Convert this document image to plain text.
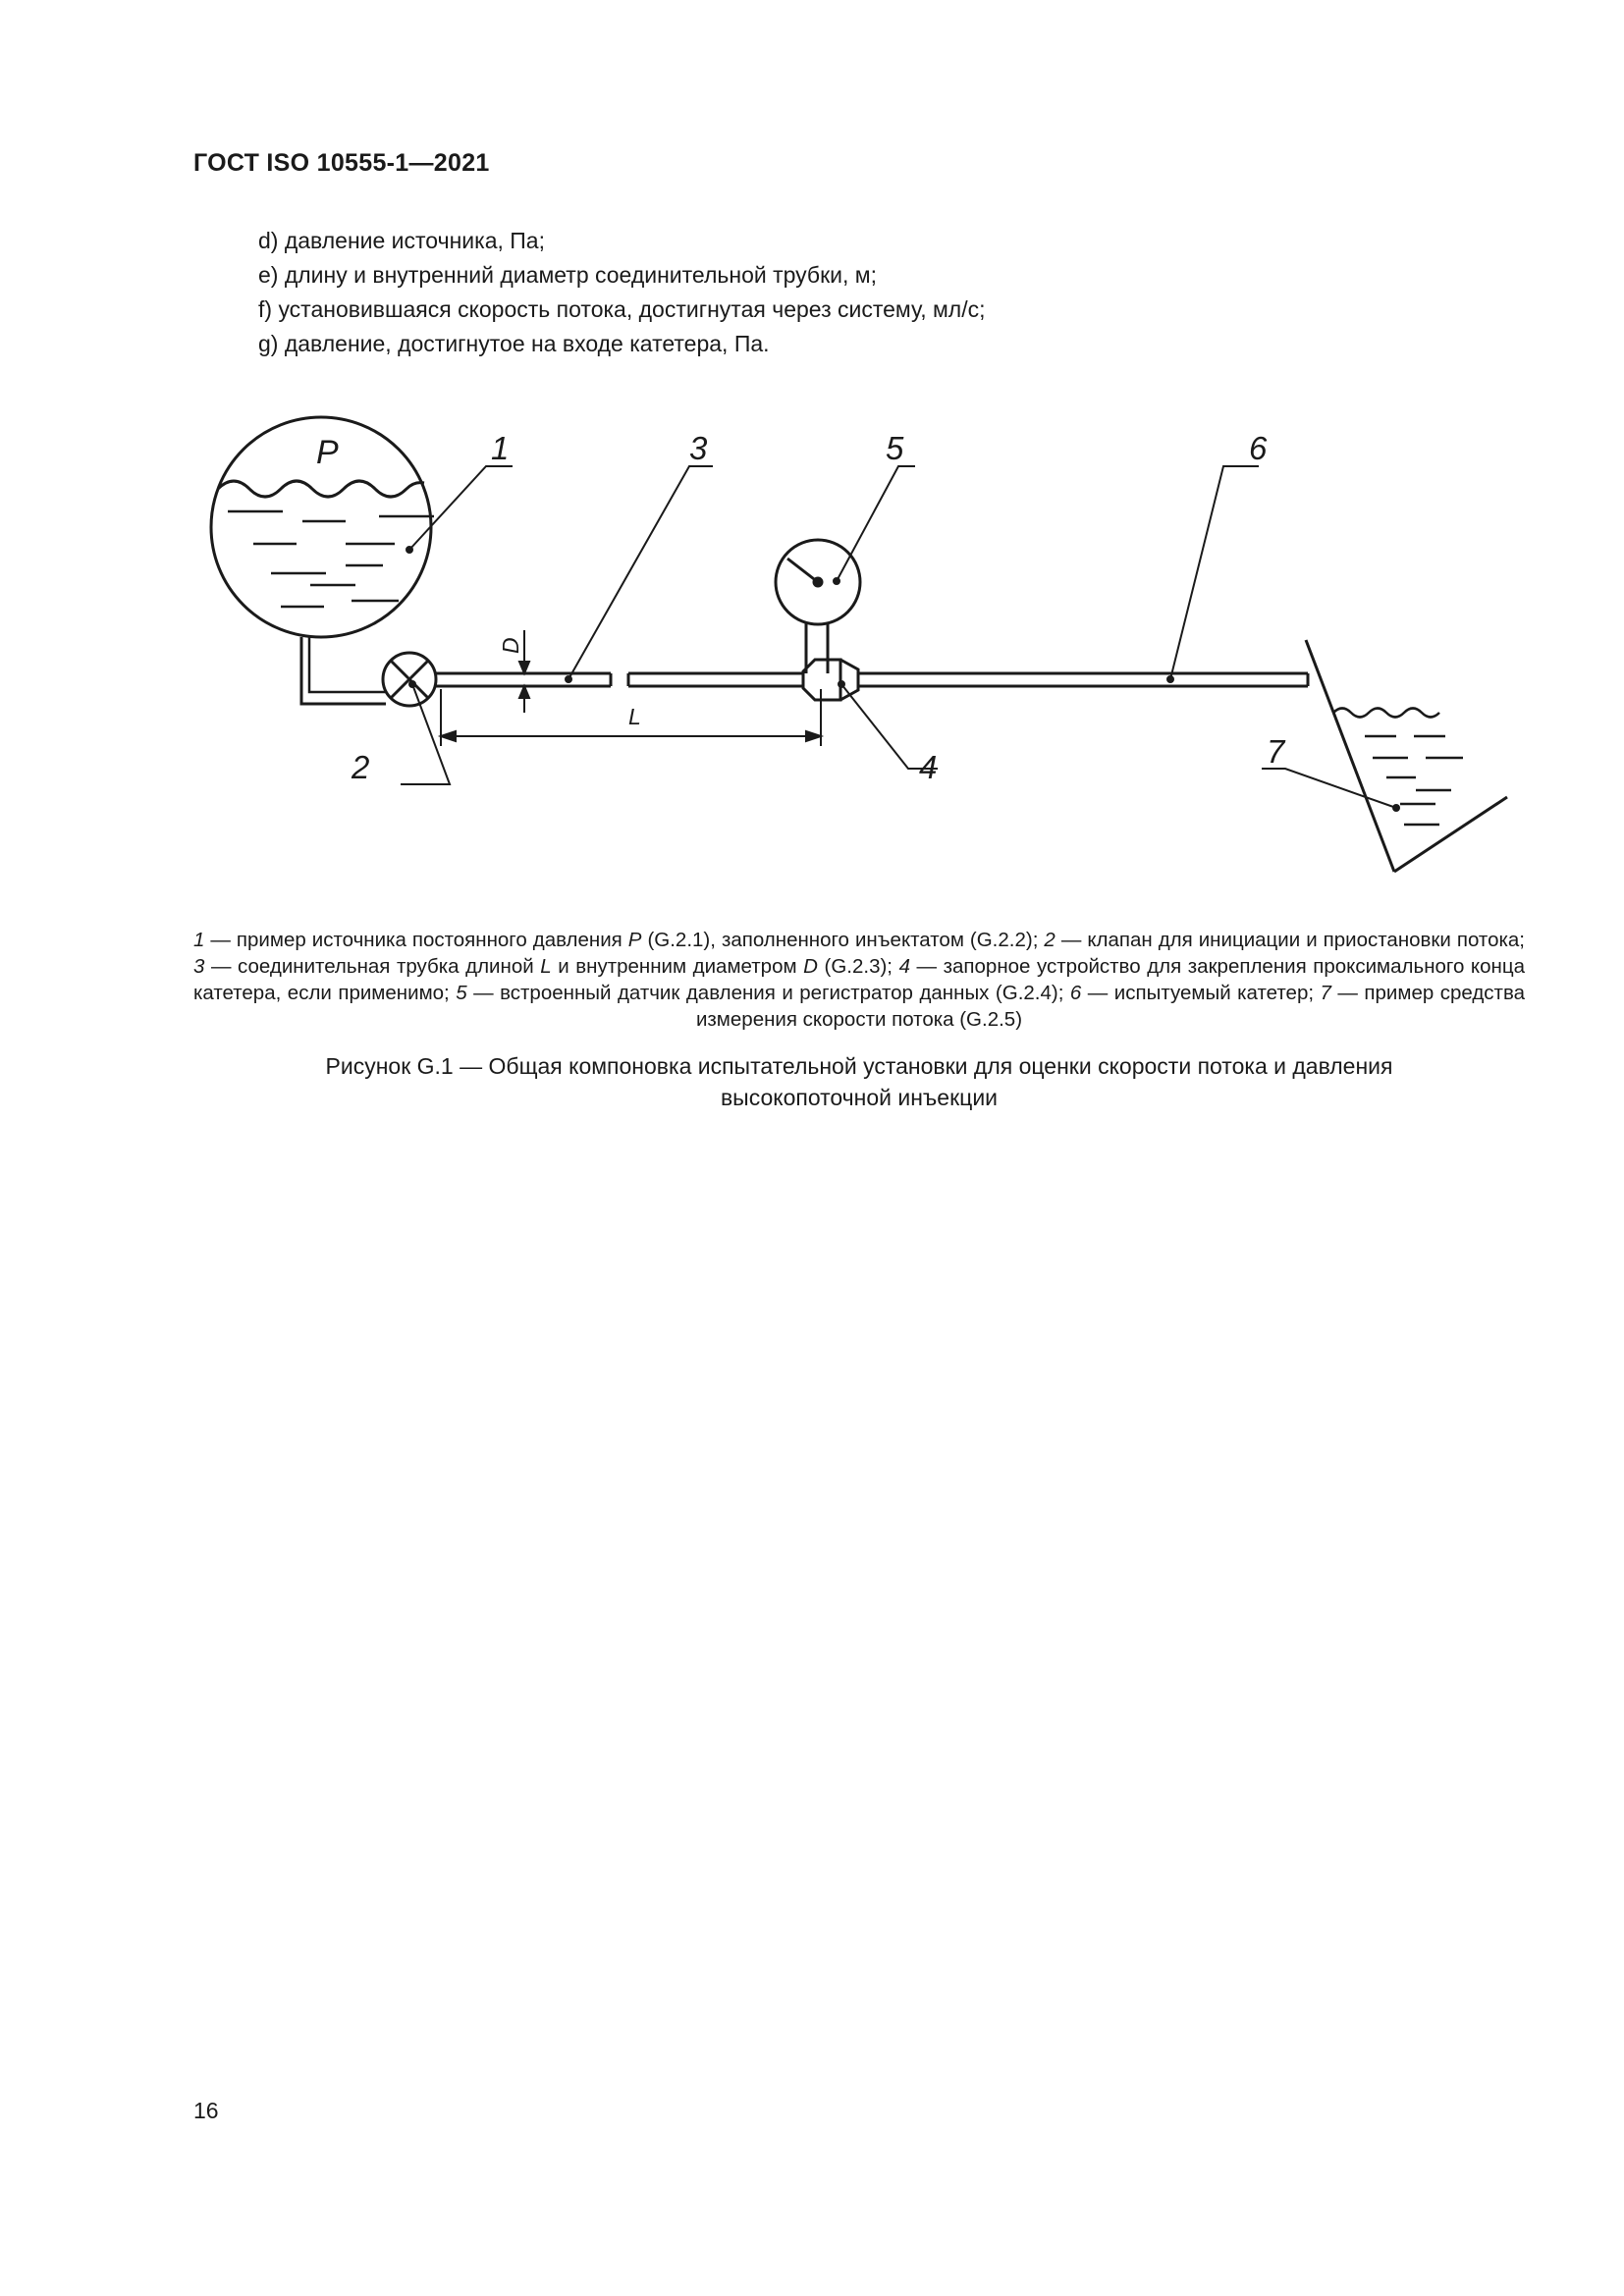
ГОСТ ISO 10555-1—2021
d) давление источника, Па;
e) длину и внутренний диаметр соединительной трубки, м;
f) установившаяся скорость потока, достигнутая через систему, мл/с;
g) давление, достигнутое на входе катетера, Па.
P
D
L
1
2
3
4
5	6
7
1 — пример источника постоянного давления P (G.2.1), заполненного инъектатом (G.2.2); 2 — клапан для инициации и приостановки потока; 3 — соединительная трубка длиной L и внутренним диаметром D (G.2.3); 4 — запорное устройство для закрепления проксимального конца катетера, если применимо; 5 — встроенный датчик давления и регистратор данных (G.2.4); 6 — испытуемый катетер; 7 — пример средства измерения скорости потока (G.2.5)
Рисунок G.1 — Общая компоновка испытательной установки для оценки скорости потока и давления
высокопоточной инъекции
16
